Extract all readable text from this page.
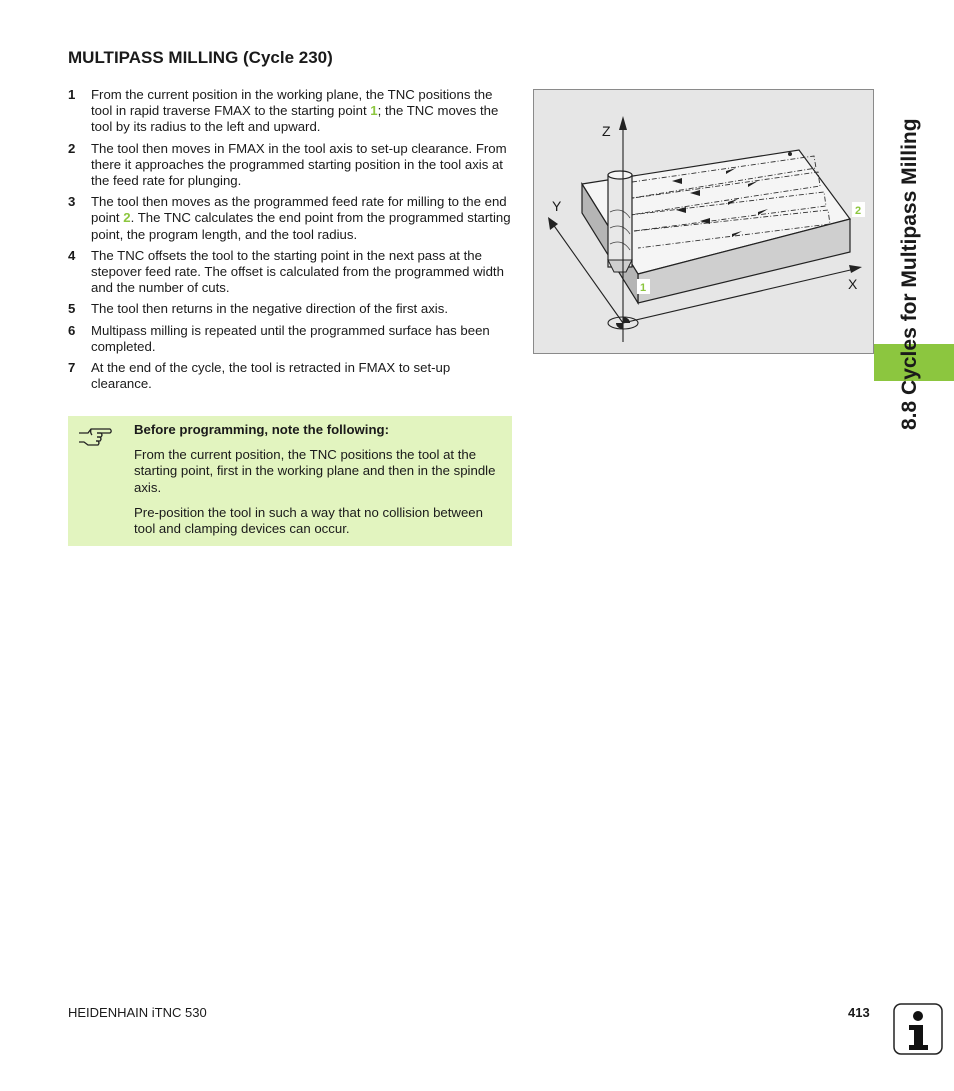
MULTIPASS MILLING (Cycle 230)
1 From the current position in the working plane, the TNC positions the tool in rapid traverse FMAX to the starting point 1; the TNC moves the tool by its radius to the left and upward.
2 The tool then moves in FMAX in the tool axis to set-up clearance. From there it approaches the programmed starting position in the tool axis at the feed rate for plunging.
3 The tool then moves as the programmed feed rate for milling to the end point 2. The TNC calculates the end point from the programmed starting point, the program length, and the tool radius.
4 The TNC offsets the tool to the starting point in the next pass at the stepover feed rate. The offset is calculated from the programmed width and the number of cuts.
5 The tool then returns in the negative direction of the first axis.
6 Multipass milling is repeated until the programmed surface has been completed.
7 At the end of the cycle, the tool is retracted in FMAX to set-up clearance.
Before programming, note the following:

From the current position, the TNC positions the tool at the starting point, first in the working plane and then in the spindle axis.

Pre-position the tool in such a way that no collision between tool and clamping devices can occur.

Z
Y
X
1
2 8.8 Cycles for Multipass Milling
HEIDENHAIN iTNC 530	413
